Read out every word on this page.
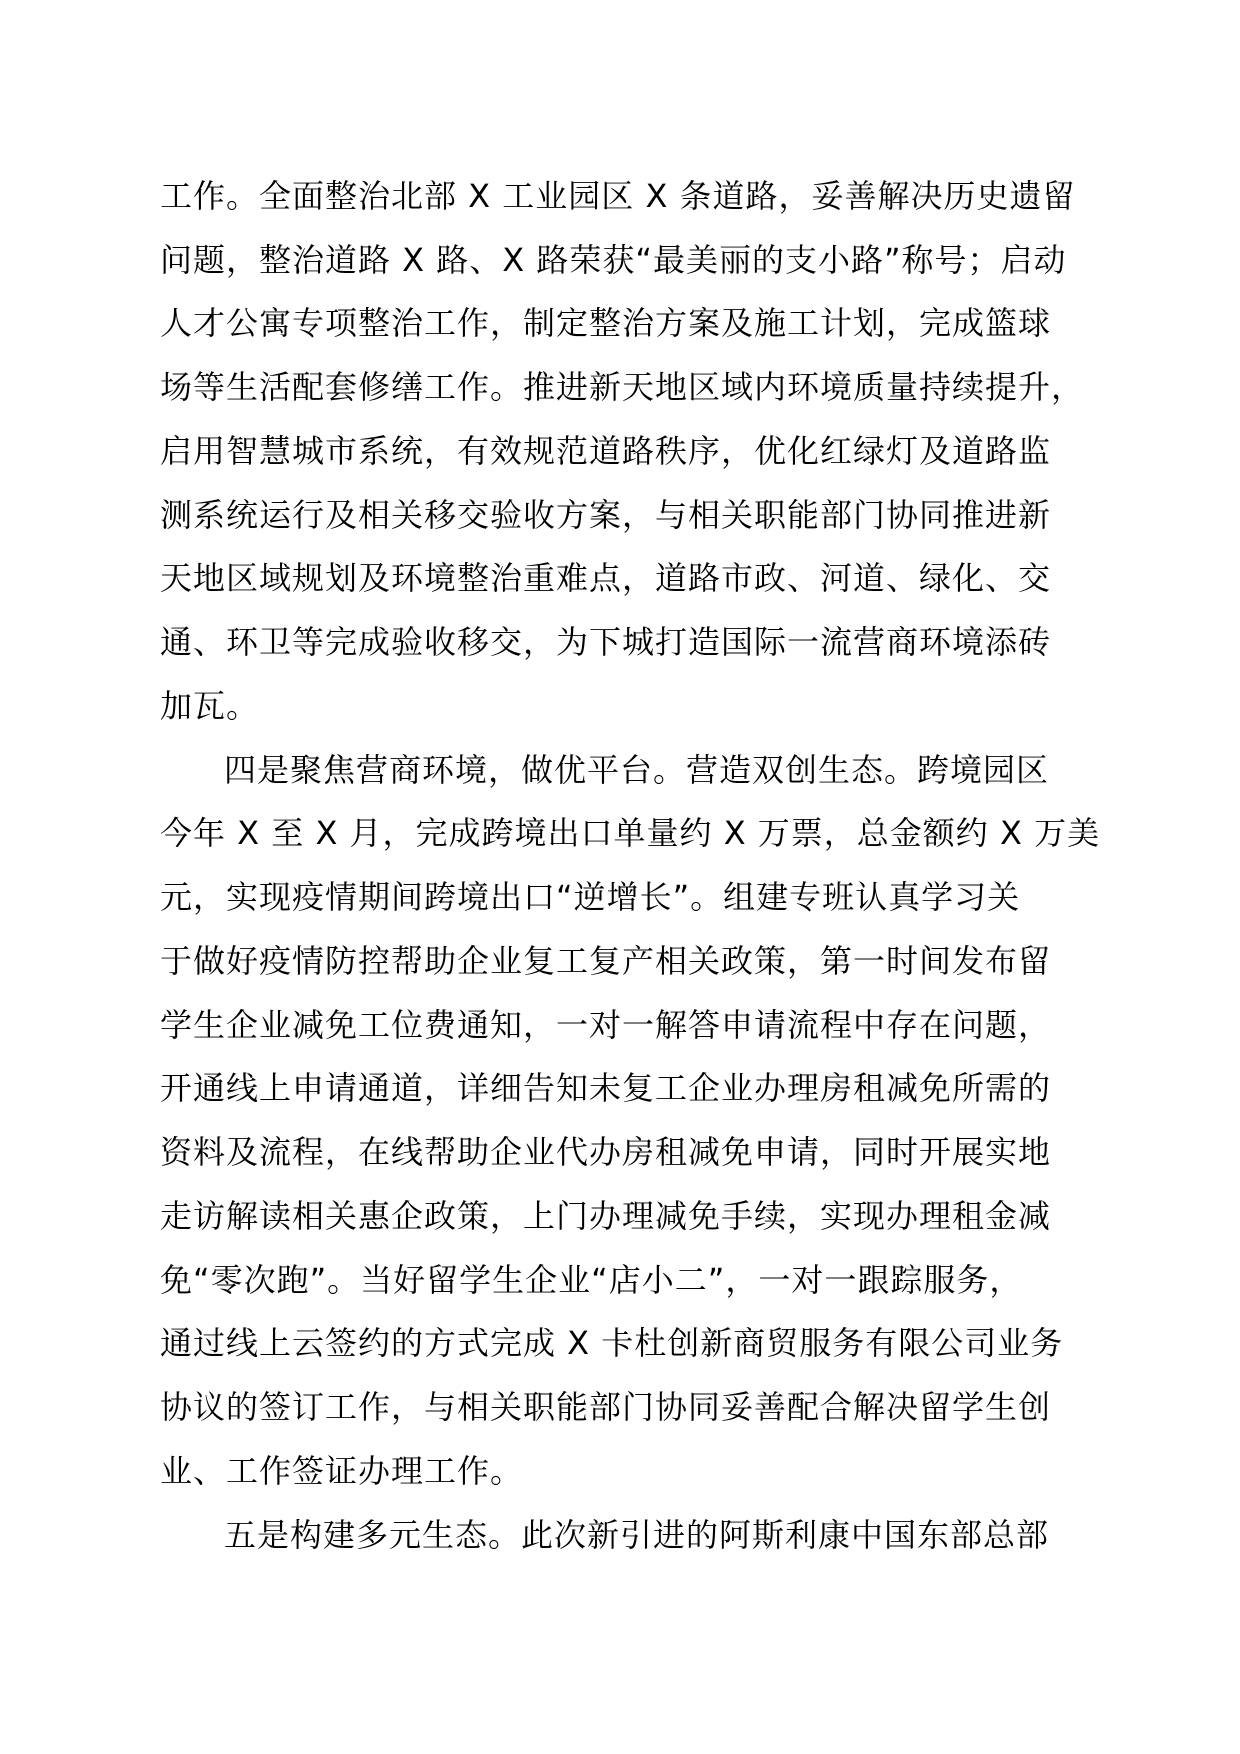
工作。全面整治北部 X 工业园区 X 条道路，妥善解决历史遗留
问题，整治道路 X 路、X 路荣获“最美丽的支小路”称号；启动
人才公寓专项整治工作，制定整治方案及施工计划，完成篮球
场等生活配套修缮工作。推进新天地区域内环境质量持续提升，
启用智慧城市系统，有效规范道路秩序，优化红绿灯及道路监
测系统运行及相关移交验收方案，与相关职能部门协同推进新
天地区域规划及环境整治重难点，道路市政、河道、绿化、交
通、环卫等完成验收移交，为下城打造国际一流营商环境添砖
加瓦。
四是聚焦营商环境，做优平台。营造双创生态。跨境园区
今年 X 至 X 月，完成跨境出口单量约 X 万票，总金额约 X 万美
元，实现疫情期间跨境出口“逆增长”。组建专班认真学习关
于做好疫情防控帮助企业复工复产相关政策，第一时间发布留
学生企业减免工位费通知，一对一解答申请流程中存在问题，
开通线上申请通道，详细告知未复工企业办理房租减免所需的
资料及流程，在线帮助企业代办房租减免申请，同时开展实地
走访解读相关惠企政策，上门办理减免手续，实现办理租金减
免“零次跑”。当好留学生企业“店小二”，一对一跟踪服务，
通过线上云签约的方式完成 X 卡杜创新商贸服务有限公司业务
协议的签订工作，与相关职能部门协同妥善配合解决留学生创
业、工作签证办理工作。
五是构建多元生态。此次新引进的阿斯利康中国东部总部
